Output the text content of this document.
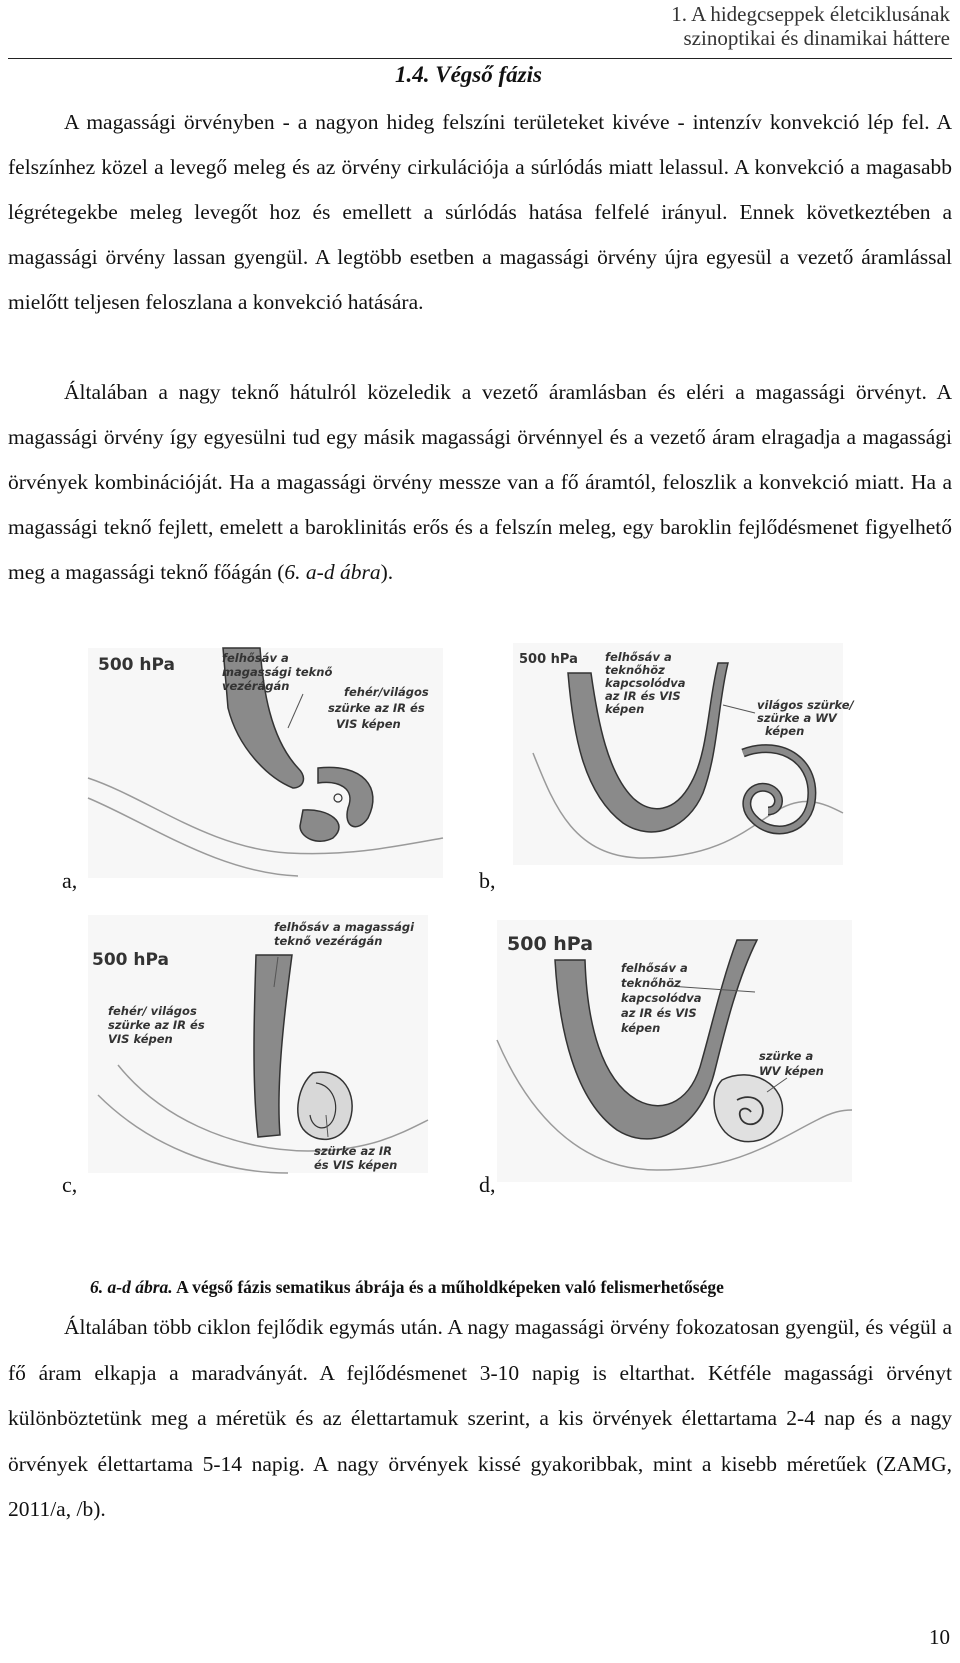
1. A hidegcseppek életciklusának
szinoptikai és dinamikai háttere
1.4. Végső fázis
A magassági örvényben - a nagyon hideg felszíni területeket kivéve - intenzív konvekció lép fel. A felszínhez közel a levegő meleg és az örvény cirkulációja a súrlódás miatt lelassul. A konvekció a magasabb légrétegekbe meleg levegőt hoz és emellett a súrlódás hatása felfelé irányul. Ennek következtében a magassági örvény lassan gyengül. A legtöbb esetben a magassági örvény újra egyesül a vezető áramlással mielőtt teljesen feloszlana a konvekció hatására.
Általában a nagy teknő hátulról közeledik a vezető áramlásban és eléri a magassági örvényt. A magassági örvény így egyesülni tud egy másik magassági örvénnyel és a vezető áram elragadja a magassági örvények kombinációját. Ha a magassági örvény messze van a fő áramtól, feloszlik a konvekció miatt. Ha a magassági teknő fejlett, emelett a baroklinitás erős és a felszín meleg, egy baroklin fejlődésmenet figyelhető meg a magassági teknő főágán (6. a-d ábra).
500 hPa	felhősáv a
magassági teknő
vezérágán	fehér/világos
szürke az IR és
VIS képen
500 hPa felhősáv a
teknőhöz
kapcsolódva
az IR és VIS
képen	világos szürke/
szürke a WV
képen
a,	b,
500 hPa
felhősáv a magassági
teknő vezérágán
fehér/ világos
szürke az IR és
VIS képen
szürke az IR
és VIS képen
500 hPa
felhősáv a
teknőhöz
kapcsolódva
az IR és VIS
képen
szürke a
WV képen
c,	d,
6. a-d ábra. A végső fázis sematikus ábrája és a műholdképeken való felismerhetősége
Általában több ciklon fejlődik egymás után. A nagy magassági örvény fokozatosan gyengül, és végül a fő áram elkapja a maradványát. A fejlődésmenet 3-10 napig is eltarthat. Kétféle magassági örvényt különböztetünk meg a méretük és az élettartamuk szerint, a kis örvények élettartama 2-4 nap és a nagy örvények élettartama 5-14 napig. A nagy örvények kissé gyakoribbak, mint a kisebb méretűek (ZAMG, 2011/a, /b).
10
